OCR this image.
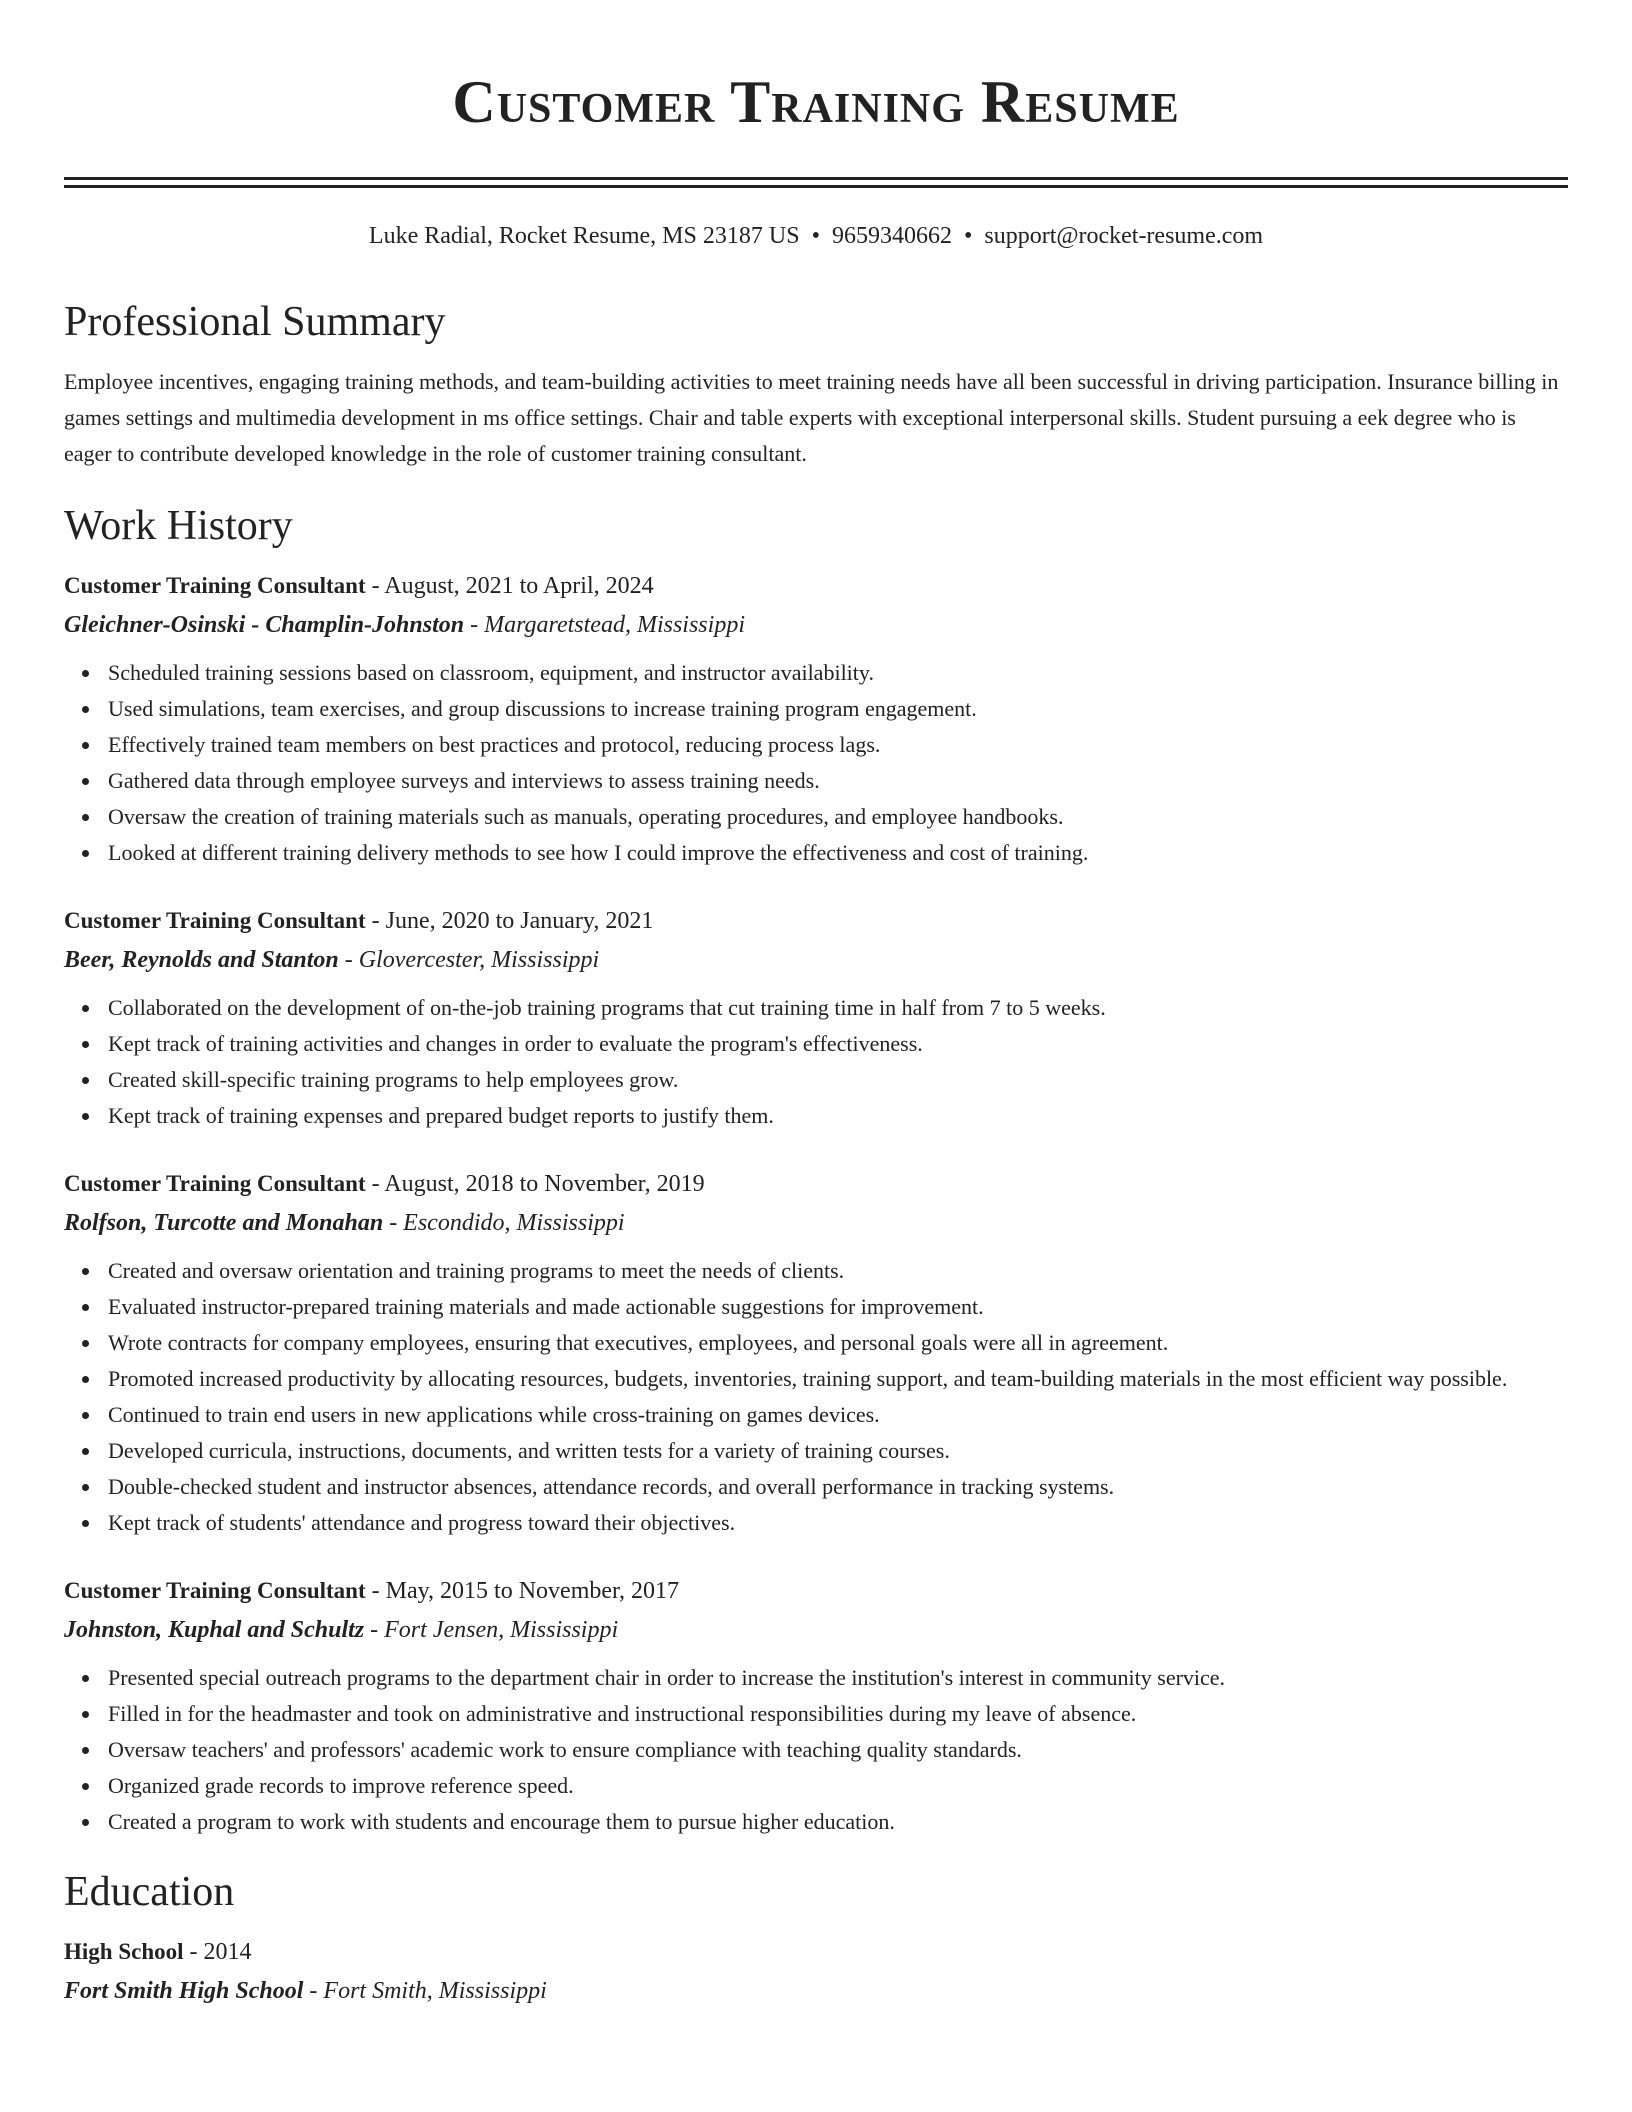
Customer Training Resume
Luke Radial, Rocket Resume, MS 23187 US • 9659340662 • support@rocket-resume.com
Professional Summary
Employee incentives, engaging training methods, and team-building activities to meet training needs have all been successful in driving participation. Insurance billing in games settings and multimedia development in ms office settings. Chair and table experts with exceptional interpersonal skills. Student pursuing a eek degree who is eager to contribute developed knowledge in the role of customer training consultant.
Work History
Customer Training Consultant - August, 2021 to April, 2024
Gleichner-Osinski - Champlin-Johnston - Margaretstead, Mississippi
Scheduled training sessions based on classroom, equipment, and instructor availability.
Used simulations, team exercises, and group discussions to increase training program engagement.
Effectively trained team members on best practices and protocol, reducing process lags.
Gathered data through employee surveys and interviews to assess training needs.
Oversaw the creation of training materials such as manuals, operating procedures, and employee handbooks.
Looked at different training delivery methods to see how I could improve the effectiveness and cost of training.
Customer Training Consultant - June, 2020 to January, 2021
Beer, Reynolds and Stanton - Glovercester, Mississippi
Collaborated on the development of on-the-job training programs that cut training time in half from 7 to 5 weeks.
Kept track of training activities and changes in order to evaluate the program's effectiveness.
Created skill-specific training programs to help employees grow.
Kept track of training expenses and prepared budget reports to justify them.
Customer Training Consultant - August, 2018 to November, 2019
Rolfson, Turcotte and Monahan - Escondido, Mississippi
Created and oversaw orientation and training programs to meet the needs of clients.
Evaluated instructor-prepared training materials and made actionable suggestions for improvement.
Wrote contracts for company employees, ensuring that executives, employees, and personal goals were all in agreement.
Promoted increased productivity by allocating resources, budgets, inventories, training support, and team-building materials in the most efficient way possible.
Continued to train end users in new applications while cross-training on games devices.
Developed curricula, instructions, documents, and written tests for a variety of training courses.
Double-checked student and instructor absences, attendance records, and overall performance in tracking systems.
Kept track of students' attendance and progress toward their objectives.
Customer Training Consultant - May, 2015 to November, 2017
Johnston, Kuphal and Schultz - Fort Jensen, Mississippi
Presented special outreach programs to the department chair in order to increase the institution's interest in community service.
Filled in for the headmaster and took on administrative and instructional responsibilities during my leave of absence.
Oversaw teachers' and professors' academic work to ensure compliance with teaching quality standards.
Organized grade records to improve reference speed.
Created a program to work with students and encourage them to pursue higher education.
Education
High School - 2014
Fort Smith High School - Fort Smith, Mississippi
